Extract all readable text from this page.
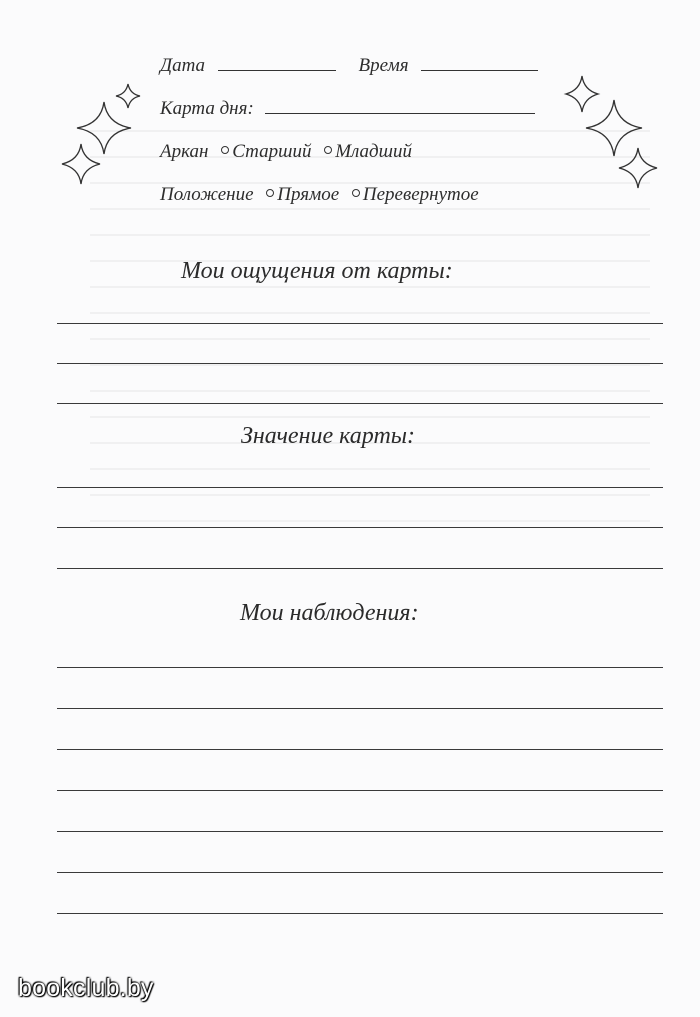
Дата	Время
Карта дня:
Аркан Старший Младший
Положение Прямое Перевернутое
Мои ощущения от карты:
Значение карты:
Мои наблюдения:
bookclub.by
